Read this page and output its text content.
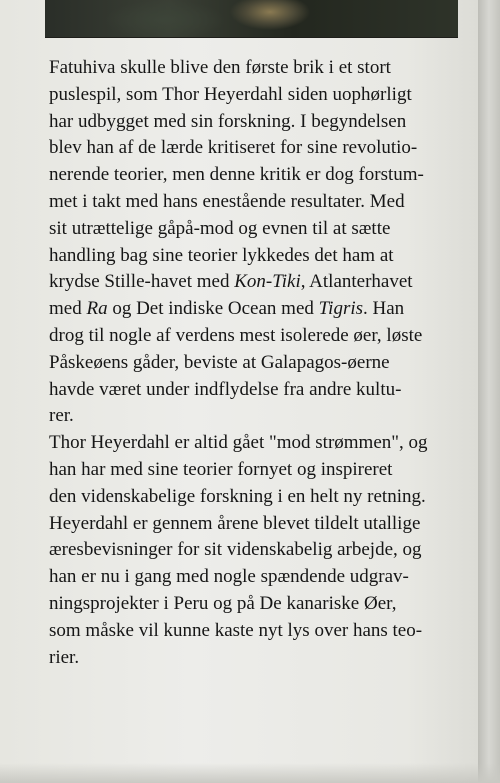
Fatuhiva skulle blive den første brik i et stort
puslespil, som Thor Heyerdahl siden uophørligt
har udbygget med sin forskning. I begyndelsen
blev han af de lærde kritiseret for sine revolutio-
nerende teorier, men denne kritik er dog forstum-
met i takt med hans enestående resultater. Med
sit utrættelige gåpå-mod og evnen til at sætte
handling bag sine teorier lykkedes det ham at
krydse Stille-havet med Kon-Tiki, Atlanterhavet
med Ra og Det indiske Ocean med Tigris. Han
drog til nogle af verdens mest isolerede øer, løste
Påskeøens gåder, beviste at Galapagos-øerne
havde været under indflydelse fra andre kultu-
rer.
Thor Heyerdahl er altid gået "mod strømmen", og
han har med sine teorier fornyet og inspireret
den videnskabelige forskning i en helt ny retning.
Heyerdahl er gennem årene blevet tildelt utallige
æresbevisninger for sit videnskabelig arbejde, og
han er nu i gang med nogle spændende udgrav-
ningsprojekter i Peru og på De kanariske Øer,
som måske vil kunne kaste nyt lys over hans teo-
rier.
